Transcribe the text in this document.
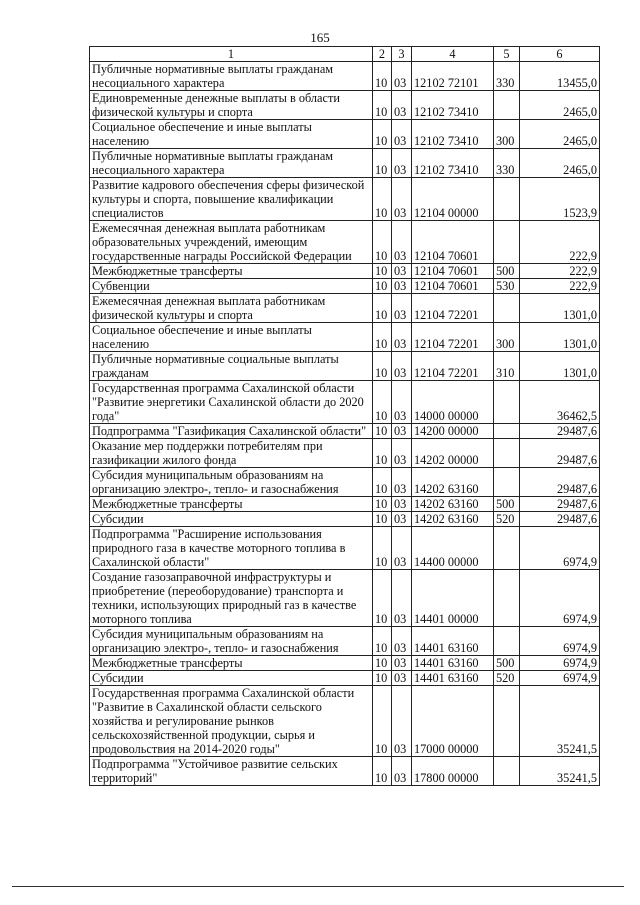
165
1	2	3	4	5	6
Публичные нормативные выплаты гражданам несоциального характера	10	03	12102 72101	330	13455,0
Единовременные денежные выплаты в области физической культуры и спорта	10	03	12102 73410		2465,0
Социальное обеспечение и иные выплаты населению	10	03	12102 73410	300	2465,0
Публичные нормативные выплаты гражданам несоциального характера	10	03	12102 73410	330	2465,0
Развитие кадрового обеспечения сферы физической культуры и спорта, повышение квалификации специалистов	10	03	12104 00000		1523,9
Ежемесячная денежная выплата работникам образовательных учреждений, имеющим государственные награды Российской Федерации	10	03	12104 70601		222,9
Межбюджетные трансферты	10	03	12104 70601	500	222,9
Субвенции	10	03	12104 70601	530	222,9
Ежемесячная денежная выплата работникам физической культуры и спорта	10	03	12104 72201		1301,0
Социальное обеспечение и иные выплаты населению	10	03	12104 72201	300	1301,0
Публичные нормативные социальные выплаты гражданам	10	03	12104 72201	310	1301,0
Государственная программа Сахалинской области "Развитие энергетики Сахалинской области до 2020 года"	10	03	14000 00000		36462,5
Подпрограмма "Газификация Сахалинской области"	10	03	14200 00000		29487,6
Оказание мер поддержки потребителям при газификации жилого фонда	10	03	14202 00000		29487,6
Субсидия муниципальным образованиям на организацию электро-, тепло- и газоснабжения	10	03	14202 63160		29487,6
Межбюджетные трансферты	10	03	14202 63160	500	29487,6
Субсидии	10	03	14202 63160	520	29487,6
Подпрограмма "Расширение использования природного газа в качестве моторного топлива в Сахалинской области"	10	03	14400 00000		6974,9
Создание газозаправочной инфраструктуры и приобретение (переоборудование) транспорта и техники, использующих природный газ в качестве моторного топлива	10	03	14401 00000		6974,9
Субсидия муниципальным образованиям на организацию электро-, тепло- и газоснабжения	10	03	14401 63160		6974,9
Межбюджетные трансферты	10	03	14401 63160	500	6974,9
Субсидии	10	03	14401 63160	520	6974,9
Государственная программа Сахалинской области "Развитие в Сахалинской области сельского хозяйства и регулирование рынков сельскохозяйственной продукции, сырья и продовольствия на 2014-2020 годы"	10	03	17000 00000		35241,5
Подпрограмма "Устойчивое развитие сельских территорий"	10	03	17800 00000		35241,5
